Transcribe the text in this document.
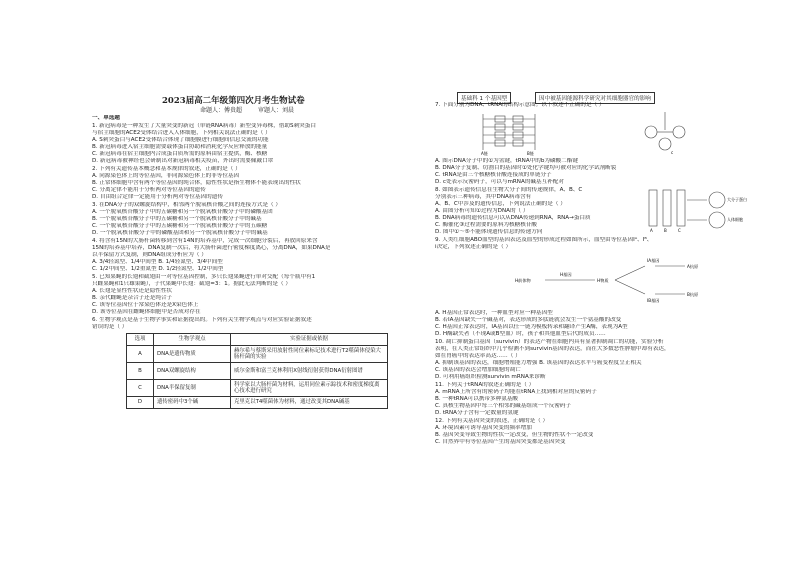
2023届高二年级第四次月考生物试卷
命题人：傅贵超	审题人：刘晨
一、单选题
1. 新冠病毒是一种发生了大量突变的新冠（单链RNA病毒）新型变异毒株，借助S刺突蛋白
与宿主细胞的ACE2受体结合进入人体细胞，下列相关说法正确的是（ ）
A. S刺突蛋白与ACE2受体结合体现了细胞膜进行细胞间信息交流的功能
B. 新冠病毒进入宿主细胞需要载体蛋白协助和消耗化学反应释放的能量
C. 新冠病毒在宿主细胞内合成蛋白质所需的原料由宿主提供，酶、核糖
D. 新冠病毒被神经也会研制出对新冠病毒相关疫苗，外出时需要佩戴口罩
2. 下列有关遗传基本概念和基本规律的叙述，正确的是（ ）
A. 同源染色体上的等位基因，非同源染色体上的非等位基因
B. 正常体细胞中含有两个等位基因的纯合体，隐性性状是指生物体不能表现出的性状
C. 分离定律不能用于分析两对等位基因的遗传
D. 自由组合定律一定能用于分析两对等位基因的遗传
3. 在DNA分子的双螺旋结构中，相邻两个脱氧核苷酸之间的连接方式是（ ）
A. 一个脱氧核苷酸分子中的五碳糖和另一个脱氧核苷酸分子中的磷酸基团
B. 一个脱氧核苷酸分子中的五碳糖和另一个脱氧核苷酸分子中的碱基
C. 一个脱氧核苷酸分子中的五碳糖和另一个脱氧核苷酸分子中的五碳糖
D. 一个脱氧核苷酸分子中的磷酸基团和另一个脱氧核苷酸分子中的碱基
4. 将含有15N的大肠杆菌转移到含有14N的培养基中，完成一次细胞分裂后，再放回原来含
15N的培养基中培养，DNA复制一次后，将大肠杆菌进行密度梯度离心，分离DNA，如果DNA是
以半保留方式复制，则DNA组成分析应为（ ）
A. 3/4轻氮型、1/4中间型 B. 1/4轻氮型、3/4中间型
C. 1/2中间型、1/2重氮型 D. 1/2轻氮型、1/2中间型
5. 已知果蝇的长翅和截翅由一对等位基因控制，多只长翅果蝇进行单对交配（每个瓶中有1
只雌果蝇和1只雄果蝇），子代果蝇中长翅：截翅=3：1。据此无法判断的是（ ）
A. 长翅是显性性状还是隐性性状
B. 亲代雌蝇是杂合子还是纯合子
C. 该等位基因位于常染色体还是X染色体上
D. 该等位基因在雌蝇体细胞中是否成对存在
6. 生物学观点是基于生物学事实和证据提出的。下列有关生物学观点与对应实验证据叙述
错误的是（ ）
选项	生物学观点	实验证据或依据
A	DNA是遗传物质	赫尔希与蔡斯采用放射性同位素标记技术进行T2噬菌体侵染大肠杆菌的实验
B	DNA双螺旋结构	威尔金斯和富兰克林利用X射线衍射获得DNA衍射图谱
C	DNA半保留复制	科学家以大肠杆菌为材料，运用同位素示踪技术和密度梯度离心技术进行研究
D	遗传密码中3个碱	克里克以T4噬菌体为材料，通过改变其DNA碱基
基础科 1 个基因型	因中被基因能源科学研究对其细胞器官的影响
7. 下面分别为DNA、tRNA的结构示意图。以下叙述不正确的是（ ）
A链	B链	c
A. 图示DNA分子中的①为氢键，tRNA中的b为磷酸二酯键
B. DNA分子复制、切割目的基因时①处化学键均可被对应的化学试剂断裂
C. tRNA是由三个核糖核苷酸连接成的单链分子
D. c处表示反密码子，可以与mRNA的碱基互补配对
8. 如图表示遗传信息在生物大分子间的传递规律，A、B、C
分别表示三种病毒，其中DNA病毒含有
A、B、C中涉及的遗传信息，下列说法正确的是（ ）
A. 由图分析可知①过程为DNA的（ ）
B. DNA病毒的遗传信息可以从DNA传递到RNA，RNA→蛋白质
C. 酶催化③过程需要的原料为核糖核苷酸
D. 图中①～⑤不能体现遗传信息的传递方向	A	B	C
大分子蛋白
人体细胞
9. 人类红细胞ABO血型的基因表达及血型的形成过程如图所示，血型由等位基因Iᴬ、Iᴮ、
i决定，下列叙述正确的是（ ）
H前体物
H基因
H物质
IA基因
IB基因
A抗原
B抗原
A. H基因正常表达时，一种血型对应一种基因型
B. 若IA基因缺失一个碱基对，表达形成的多肽链就会发生一个氨基酸的改变
C. H基因正常表达时，IA基因以任一链为模板转录和翻译产生A酶，表现为A型
D. H酶缺失者（不现A或B型血）时，孩子和其他血型后代的成员……
10. 凋亡抑制蛋白基因（survivin）的表达产物在细胞内具有显著抑制凋亡的功能，实验分析
表明，在人类正常组织中几乎检测不到survivin基因的表达，而在大多数恶性肿瘤中却有表达，
如在胃癌中的表达率高达……（ ）
A. 抑制该基因的表达，细胞增殖能力增强 B. 该基因的表达水平与癌变程度呈正相关
C. 该基因的表达会增加细胞的凋亡
D. 可利用癌组织检测survivin mRNA来诊断
11. 下列关于tRNA的叙述正确的是（ ）
A. mRNA上所含有的密码子均能在tRNA上找到相对应的反密码子
B. 一种tRNA可以携带多种氨基酸
C. 真核生物基因中每三个相邻的碱基组成一个反密码子
D. tRNA分子含有一定数量的氢键
12. 下列有关基因突变的叙述，正确的是（ ）
A. 环境因素可诱导基因突变的频率增加
B. 基因突变导致生物的性状一定改变，但生物的性状不一定改变
C. 自然界中有等位基因产生的基因突变都是基因突变
